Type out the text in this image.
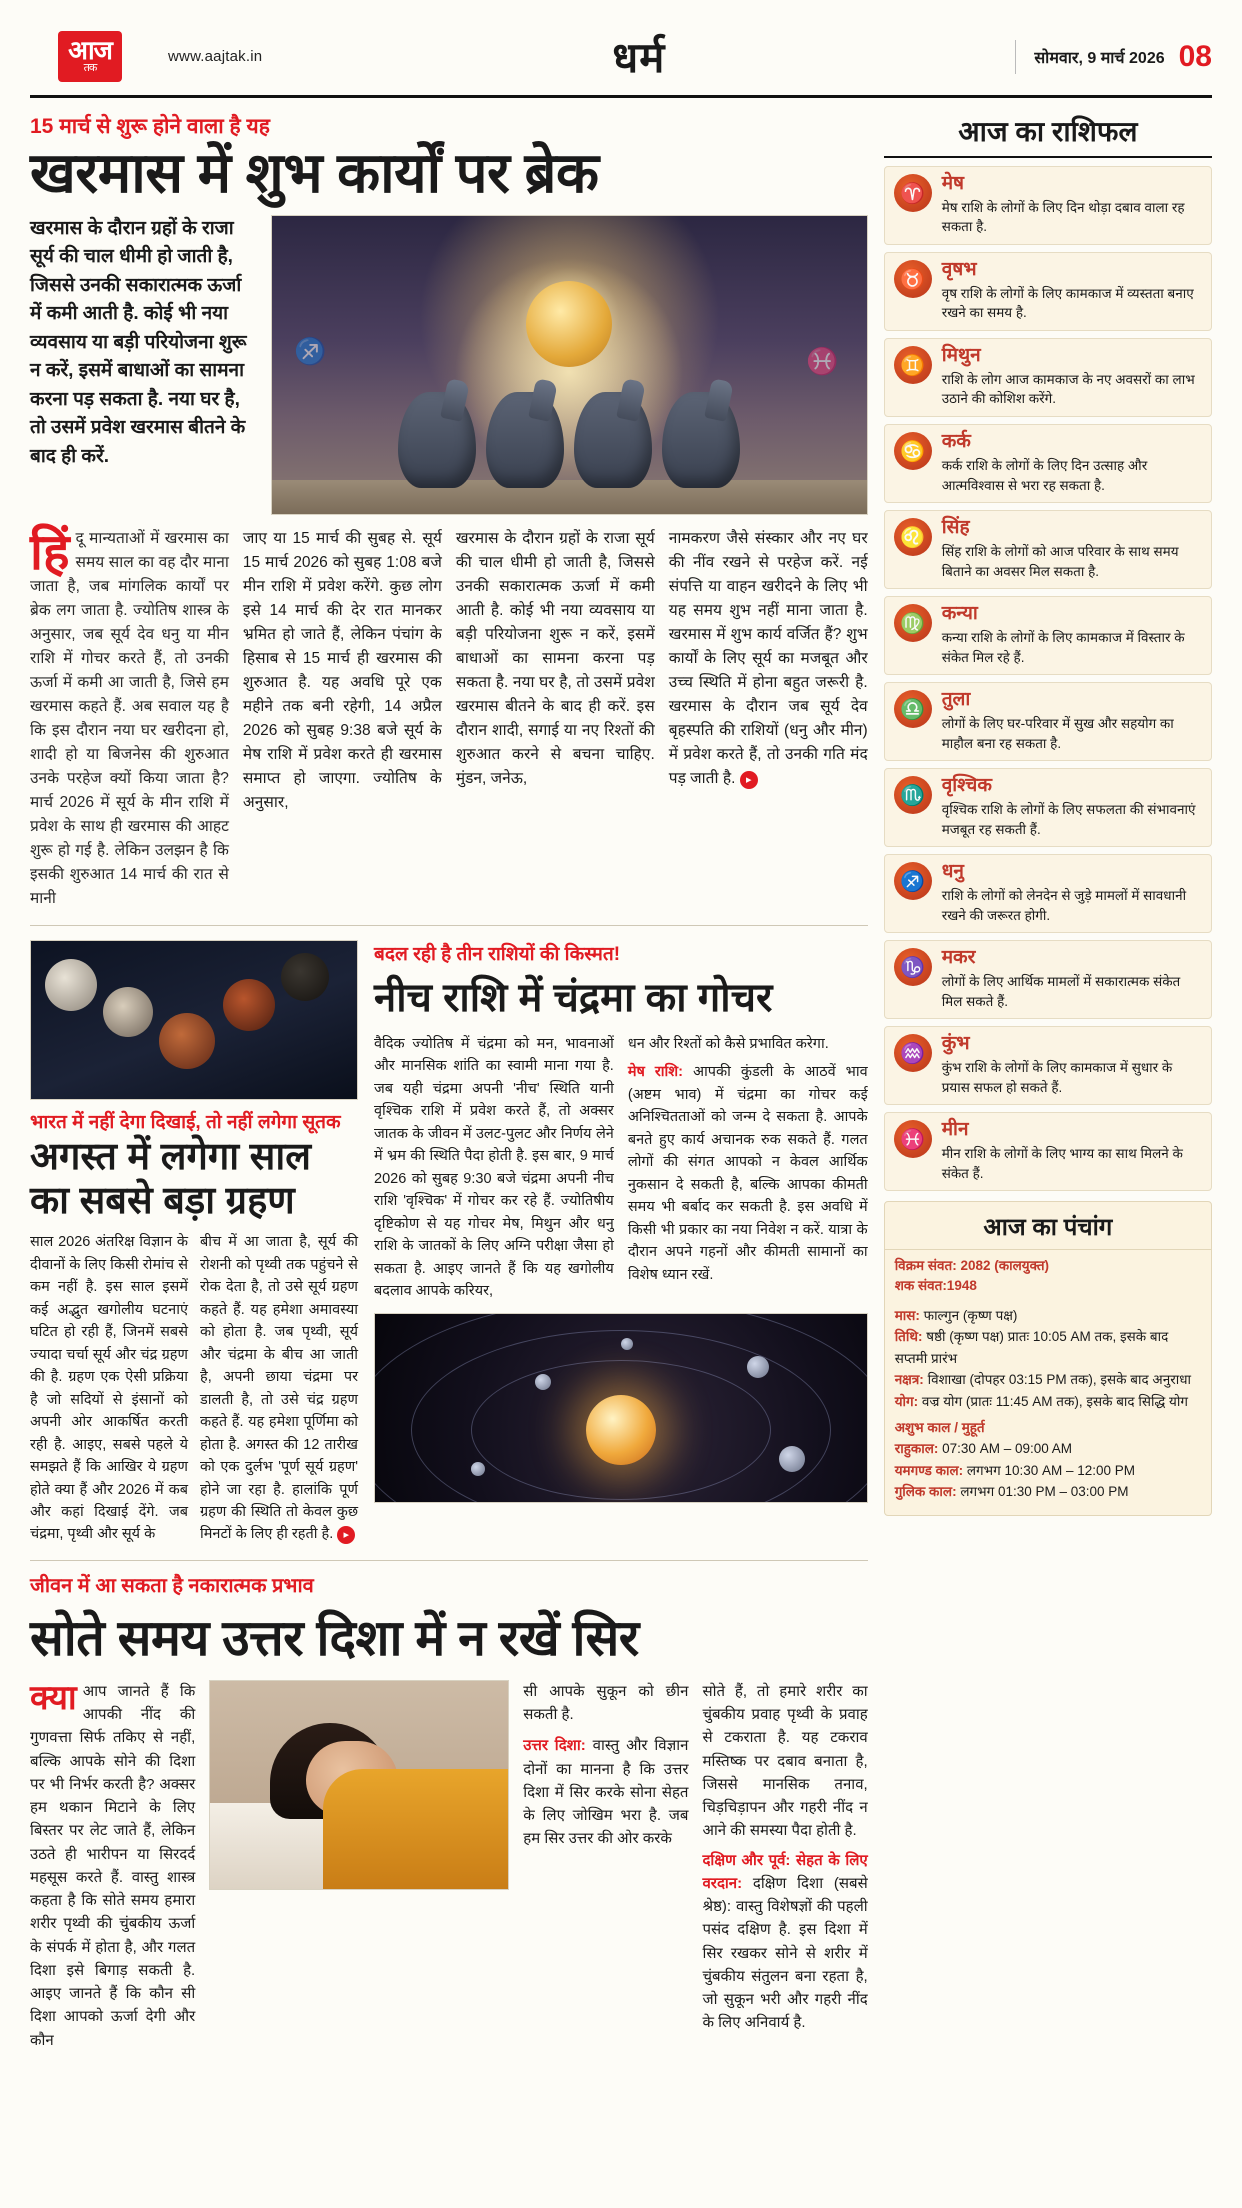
आज
तक
www.aajtak.in	धर्म	सोमवार, 9 मार्च 2026 08
15 मार्च से शुरू होने वाला है यह
खरमास में शुभ कार्यों पर ब्रेक
खरमास के दौरान ग्रहों के राजा सूर्य की चाल धीमी हो जाती है, जिससे उनकी सकारात्मक ऊर्जा में कमी आती है. कोई भी नया व्यवसाय या बड़ी परियोजना शुरू न करें, इसमें बाधाओं का सामना करना पड़ सकता है. नया घर है, तो उसमें प्रवेश खरमास बीतने के बाद ही करें.
♐	♓
हिंदू मान्यताओं में खरमास का समय साल का वह दौर माना जाता है, जब मांगलिक कार्यों पर ब्रेक लग जाता है. ज्योतिष शास्त्र के अनुसार, जब सूर्य देव धनु या मीन राशि में गोचर करते हैं, तो उनकी ऊर्जा में कमी आ जाती है, जिसे हम खरमास कहते हैं. अब सवाल यह है कि इस दौरान नया घर खरीदना हो, शादी हो या बिजनेस की शुरुआत उनके परहेज क्यों किया जाता है? मार्च 2026 में सूर्य के मीन राशि में प्रवेश के साथ ही खरमास की आहट शुरू हो गई है. लेकिन उलझन है कि इसकी शुरुआत 14 मार्च की रात से मानी
जाए या 15 मार्च की सुबह से. सूर्य 15 मार्च 2026 को सुबह 1:08 बजे मीन राशि में प्रवेश करेंगे. कुछ लोग इसे 14 मार्च की देर रात मानकर भ्रमित हो जाते हैं, लेकिन पंचांग के हिसाब से 15 मार्च ही खरमास की शुरुआत है. यह अवधि पूरे एक महीने तक बनी रहेगी, 14 अप्रैल 2026 को सुबह 9:38 बजे सूर्य के मेष राशि में प्रवेश करते ही खरमास समाप्त हो जाएगा. ज्योतिष के अनुसार,
खरमास के दौरान ग्रहों के राजा सूर्य की चाल धीमी हो जाती है, जिससे उनकी सकारात्मक ऊर्जा में कमी आती है. कोई भी नया व्यवसाय या बड़ी परियोजना शुरू न करें, इसमें बाधाओं का सामना करना पड़ सकता है. नया घर है, तो उसमें प्रवेश खरमास बीतने के बाद ही करें. इस दौरान शादी, सगाई या नए रिश्तों की शुरुआत करने से बचना चाहिए. मुंडन, जनेऊ,
नामकरण जैसे संस्कार और नए घर की नींव रखने से परहेज करें. नई संपत्ति या वाहन खरीदने के लिए भी यह समय शुभ नहीं माना जाता है. खरमास में शुभ कार्य वर्जित हैं? शुभ कार्यों के लिए सूर्य का मजबूत और उच्च स्थिति में होना बहुत जरूरी है. खरमास के दौरान जब सूर्य देव बृहस्पति की राशियों (धनु और मीन) में प्रवेश करते हैं, तो उनकी गति मंद पड़ जाती है. ▸
भारत में नहीं देगा दिखाई, तो नहीं लगेगा सूतक
अगस्त में लगेगा साल का सबसे बड़ा ग्रहण
साल 2026 अंतरिक्ष विज्ञान के दीवानों के लिए किसी रोमांच से कम नहीं है. इस साल इसमें कई अद्भुत खगोलीय घटनाएं घटित हो रही हैं, जिनमें सबसे ज्यादा चर्चा सूर्य और चंद्र ग्रहण की है. ग्रहण एक ऐसी प्रक्रिया है जो सदियों से इंसानों को अपनी ओर आकर्षित करती रही है. आइए, सबसे पहले ये समझते हैं कि आखिर ये ग्रहण होते क्या हैं और 2026 में कब और कहां दिखाई देंगे. जब चंद्रमा, पृथ्वी और सूर्य के
बीच में आ जाता है, सूर्य की रोशनी को पृथ्वी तक पहुंचने से रोक देता है, तो उसे सूर्य ग्रहण कहते हैं. यह हमेशा अमावस्या को होता है. जब पृथ्वी, सूर्य और चंद्रमा के बीच आ जाती है, अपनी छाया चंद्रमा पर डालती है, तो उसे चंद्र ग्रहण कहते हैं. यह हमेशा पूर्णिमा को होता है. अगस्त की 12 तारीख को एक दुर्लभ 'पूर्ण सूर्य ग्रहण' होने जा रहा है. हालांकि पूर्ण ग्रहण की स्थिति तो केवल कुछ मिनटों के लिए ही रहती है. ▸
बदल रही है तीन राशियों की किस्मत!
नीच राशि में चंद्रमा का गोचर
वैदिक ज्योतिष में चंद्रमा को मन, भावनाओं और मानसिक शांति का स्वामी माना गया है. जब यही चंद्रमा अपनी 'नीच' स्थिति यानी वृश्चिक राशि में प्रवेश करते हैं, तो अक्सर जातक के जीवन में उलट-पुलट और निर्णय लेने में भ्रम की स्थिति पैदा होती है. इस बार, 9 मार्च 2026 को सुबह 9:30 बजे चंद्रमा अपनी नीच राशि 'वृश्चिक' में गोचर कर रहे हैं. ज्योतिषीय दृष्टिकोण से यह गोचर मेष, मिथुन और धनु राशि के जातकों के लिए अग्नि परीक्षा जैसा हो सकता है. आइए जानते हैं कि यह खगोलीय बदलाव आपके करियर,
धन और रिश्तों को कैसे प्रभावित करेगा.
मेष राशि: आपकी कुंडली के आठवें भाव (अष्टम भाव) में चंद्रमा का गोचर कई अनिश्चितताओं को जन्म दे सकता है. आपके बनते हुए कार्य अचानक रुक सकते हैं. गलत लोगों की संगत आपको न केवल आर्थिक नुकसान दे सकती है, बल्कि आपका कीमती समय भी बर्बाद कर सकती है. इस अवधि में किसी भी प्रकार का नया निवेश न करें. यात्रा के दौरान अपने गहनों और कीमती सामानों का विशेष ध्यान रखें.
जीवन में आ सकता है नकारात्मक प्रभाव
सोते समय उत्तर दिशा में न रखें सिर
क्या आप जानते हैं कि आपकी नींद की गुणवत्ता सिर्फ तकिए से नहीं, बल्कि आपके सोने की दिशा पर भी निर्भर करती है? अक्सर हम थकान मिटाने के लिए बिस्तर पर लेट जाते हैं, लेकिन उठते ही भारीपन या सिरदर्द महसूस करते हैं. वास्तु शास्त्र कहता है कि सोते समय हमारा शरीर पृथ्वी की चुंबकीय ऊर्जा के संपर्क में होता है, और गलत दिशा इसे बिगाड़ सकती है. आइए जानते हैं कि कौन सी दिशा आपको ऊर्जा देगी और कौन
सी आपके सुकून को छीन सकती है.
उत्तर दिशा: वास्तु और विज्ञान दोनों का मानना है कि उत्तर दिशा में सिर करके सोना सेहत के लिए जोखिम भरा है. जब हम सिर उत्तर की ओर करके
सोते हैं, तो हमारे शरीर का चुंबकीय प्रवाह पृथ्वी के प्रवाह से टकराता है. यह टकराव मस्तिष्क पर दबाव बनाता है, जिससे मानसिक तनाव, चिड़चिड़ापन और गहरी नींद न आने की समस्या पैदा होती है.
दक्षिण और पूर्व: सेहत के लिए वरदान: दक्षिण दिशा (सबसे श्रेष्ठ): वास्तु विशेषज्ञों की पहली पसंद दक्षिण है. इस दिशा में सिर रखकर सोने से शरीर में चुंबकीय संतुलन बना रहता है, जो सुकून भरी और गहरी नींद के लिए अनिवार्य है.
आज का राशिफल
♈ मेष
मेष राशि के लोगों के लिए दिन थोड़ा दबाव वाला रह सकता है.
♉ वृषभ
वृष राशि के लोगों के लिए कामकाज में व्यस्तता बनाए रखने का समय है.
♊ मिथुन
राशि के लोग आज कामकाज के नए अवसरों का लाभ उठाने की कोशिश करेंगे.
♋ कर्क
कर्क राशि के लोगों के लिए दिन उत्साह और आत्मविश्वास से भरा रह सकता है.
♌ सिंह
सिंह राशि के लोगों को आज परिवार के साथ समय बिताने का अवसर मिल सकता है.
♍ कन्या
कन्या राशि के लोगों के लिए कामकाज में विस्तार के संकेत मिल रहे हैं.
♎ तुला
लोगों के लिए घर-परिवार में सुख और सहयोग का माहौल बना रह सकता है.
♏ वृश्चिक
वृश्चिक राशि के लोगों के लिए सफलता की संभावनाएं मजबूत रह सकती हैं.
♐ धनु
राशि के लोगों को लेनदेन से जुड़े मामलों में सावधानी रखने की जरूरत होगी.
♑ मकर
लोगों के लिए आर्थिक मामलों में सकारात्मक संकेत मिल सकते हैं.
♒ कुंभ
कुंभ राशि के लोगों के लिए कामकाज में सुधार के प्रयास सफल हो सकते हैं.
♓ मीन
मीन राशि के लोगों के लिए भाग्य का साथ मिलने के संकेत हैं.
आज का पंचांग
विक्रम संवत: 2082 (कालयुक्त)
शक संवत:1948
मास: फाल्गुन (कृष्ण पक्ष)
तिथि: षष्ठी (कृष्ण पक्ष) प्रातः 10:05 AM तक, इसके बाद सप्तमी प्रारंभ
नक्षत्र: विशाखा (दोपहर 03:15 PM तक), इसके बाद अनुराधा
योग: वज्र योग (प्रातः 11:45 AM तक), इसके बाद सिद्धि योग
अशुभ काल / मुहूर्त
राहुकाल: 07:30 AM – 09:00 AM
यमगण्ड काल: लगभग 10:30 AM – 12:00 PM
गुलिक काल: लगभग 01:30 PM – 03:00 PM
